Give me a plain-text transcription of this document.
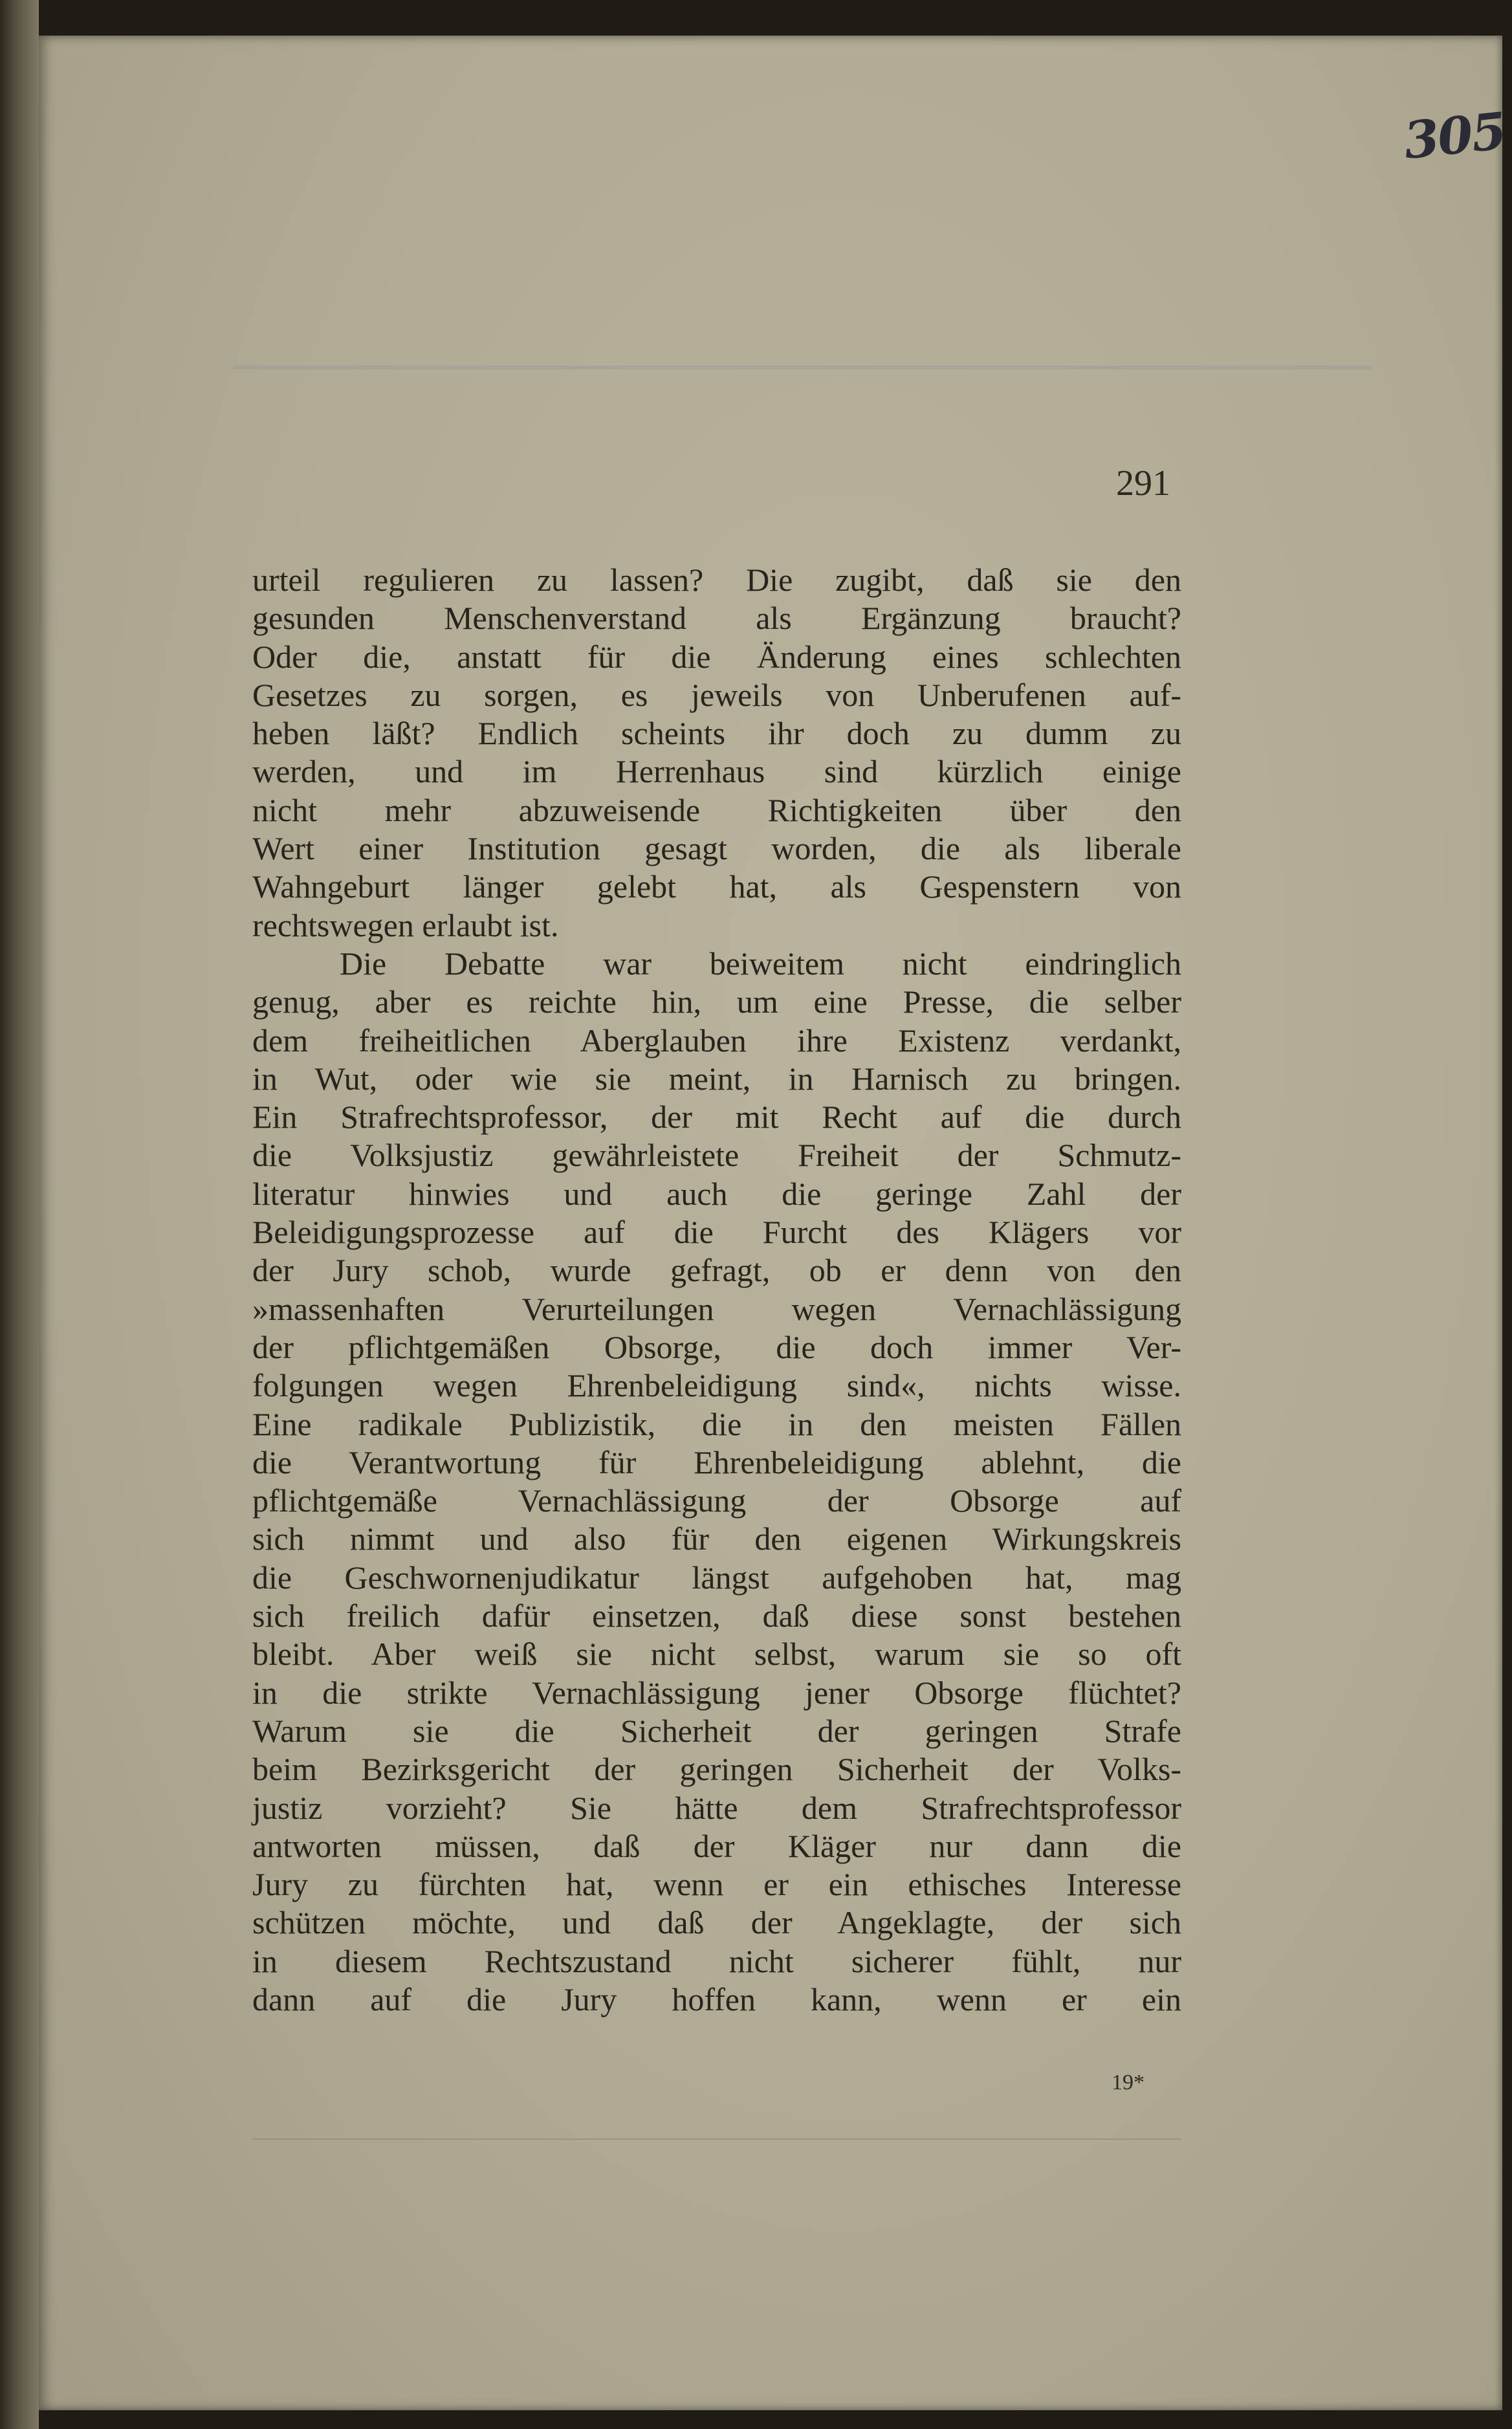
305
291
urteil regulieren zu lassen? Die zugibt, daß sie den
gesunden Menschenverstand als Ergänzung braucht?
Oder die, anstatt für die Änderung eines schlechten
Gesetzes zu sorgen, es jeweils von Unberufenen auf-
heben läßt? Endlich scheints ihr doch zu dumm zu
werden, und im Herrenhaus sind kürzlich einige
nicht mehr abzuweisende Richtigkeiten über den
Wert einer Institution gesagt worden, die als liberale
Wahngeburt länger gelebt hat, als Gespenstern von
rechtswegen erlaubt ist.
Die Debatte war beiweitem nicht eindringlich
genug, aber es reichte hin, um eine Presse, die selber
dem freiheitlichen Aberglauben ihre Existenz verdankt,
in Wut, oder wie sie meint, in Harnisch zu bringen.
Ein Strafrechtsprofessor, der mit Recht auf die durch
die Volksjustiz gewährleistete Freiheit der Schmutz-
literatur hinwies und auch die geringe Zahl der
Beleidigungsprozesse auf die Furcht des Klägers vor
der Jury schob, wurde gefragt, ob er denn von den
»massenhaften Verurteilungen wegen Vernachlässigung
der pflichtgemäßen Obsorge, die doch immer Ver-
folgungen wegen Ehrenbeleidigung sind«, nichts wisse.
Eine radikale Publizistik, die in den meisten Fällen
die Verantwortung für Ehrenbeleidigung ablehnt, die
pflichtgemäße Vernachlässigung der Obsorge auf
sich nimmt und also für den eigenen Wirkungskreis
die Geschwornenjudikatur längst aufgehoben hat, mag
sich freilich dafür einsetzen, daß diese sonst bestehen
bleibt. Aber weiß sie nicht selbst, warum sie so oft
in die strikte Vernachlässigung jener Obsorge flüchtet?
Warum sie die Sicherheit der geringen Strafe
beim Bezirksgericht der geringen Sicherheit der Volks-
justiz vorzieht? Sie hätte dem Strafrechtsprofessor
antworten müssen, daß der Kläger nur dann die
Jury zu fürchten hat, wenn er ein ethisches Interesse
schützen möchte, und daß der Angeklagte, der sich
in diesem Rechtszustand nicht sicherer fühlt, nur
dann auf die Jury hoffen kann, wenn er ein
19*
